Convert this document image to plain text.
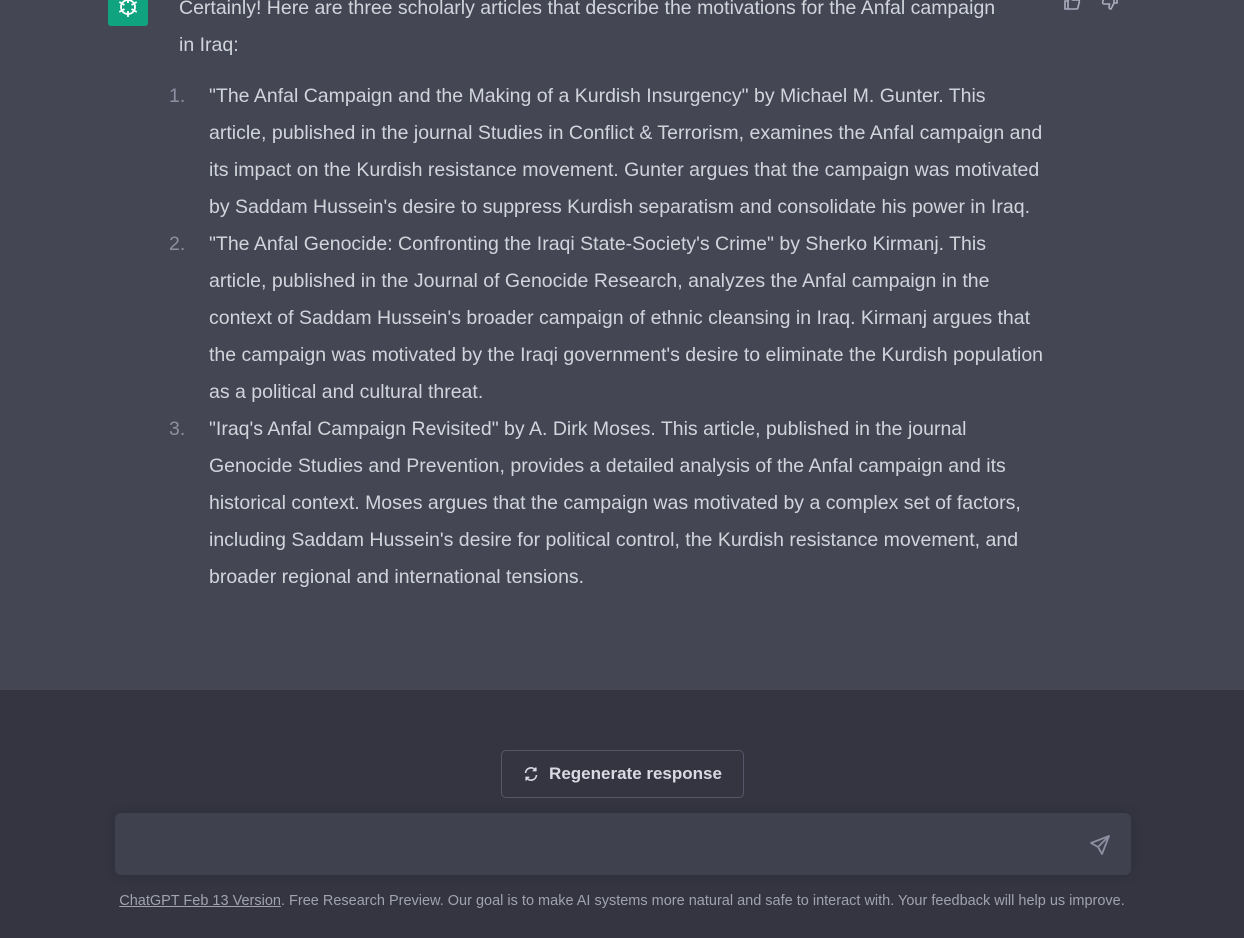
Certainly! Here are three scholarly articles that describe the motivations for the Anfal campaign in Iraq:

1. "The Anfal Campaign and the Making of a Kurdish Insurgency" by Michael M. Gunter. This article, published in the journal Studies in Conflict & Terrorism, examines the Anfal campaign and its impact on the Kurdish resistance movement. Gunter argues that the campaign was motivated by Saddam Hussein's desire to suppress Kurdish separatism and consolidate his power in Iraq.
2. "The Anfal Genocide: Confronting the Iraqi State-Society's Crime" by Sherko Kirmanj. This article, published in the Journal of Genocide Research, analyzes the Anfal campaign in the context of Saddam Hussein's broader campaign of ethnic cleansing in Iraq. Kirmanj argues that the campaign was motivated by the Iraqi government's desire to eliminate the Kurdish population as a political and cultural threat.
3. "Iraq's Anfal Campaign Revisited" by A. Dirk Moses. This article, published in the journal Genocide Studies and Prevention, provides a detailed analysis of the Anfal campaign and its historical context. Moses argues that the campaign was motivated by a complex set of factors, including Saddam Hussein's desire for political control, the Kurdish resistance movement, and broader regional and international tensions.
Regenerate response
ChatGPT Feb 13 Version. Free Research Preview. Our goal is to make AI systems more natural and safe to interact with. Your feedback will help us improve.
